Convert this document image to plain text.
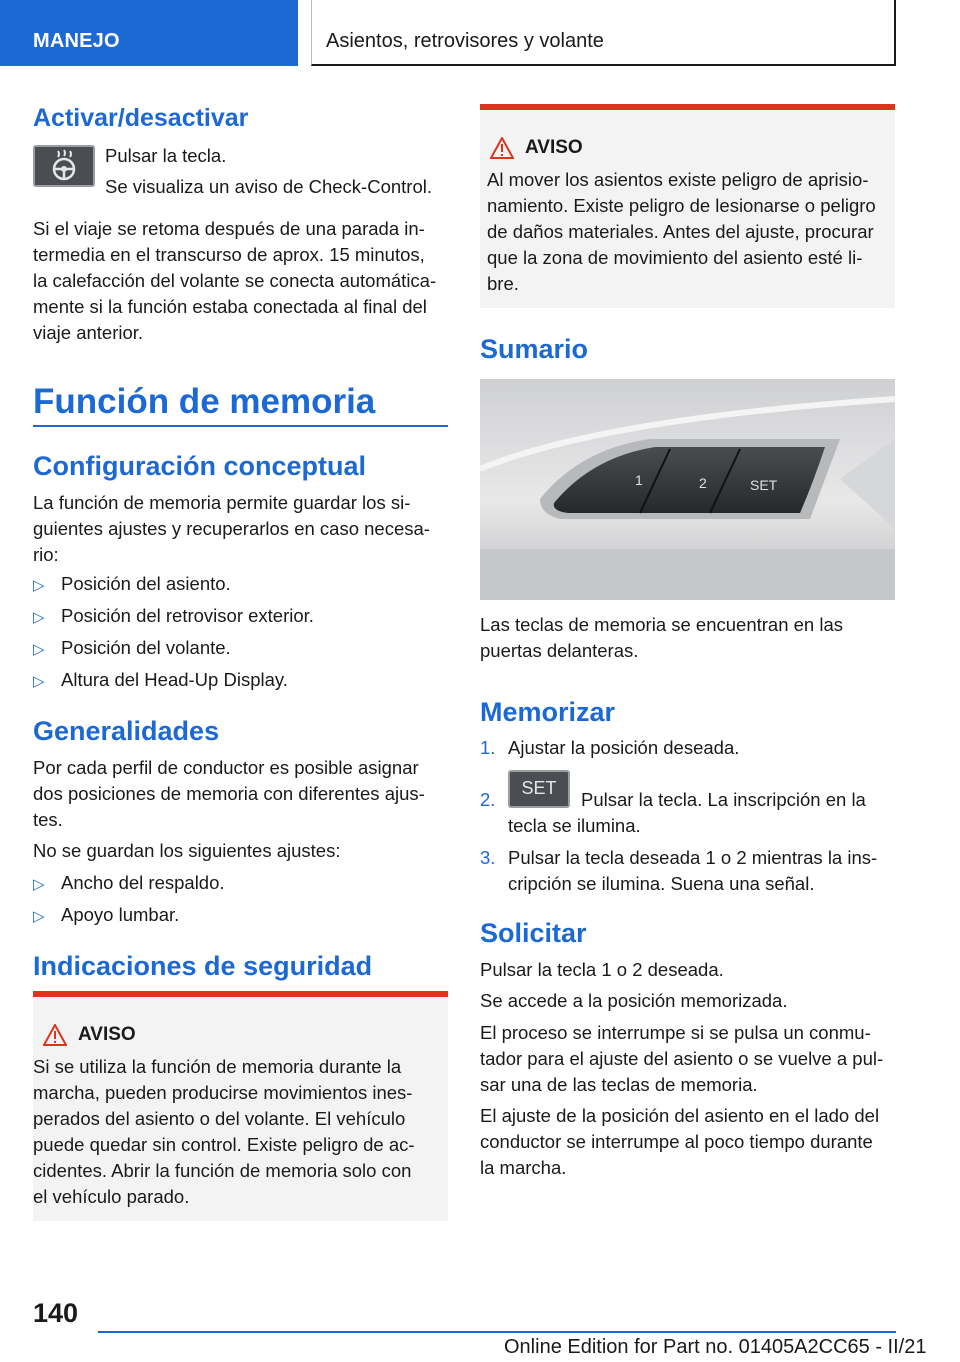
MANEJO	Asientos, retrovisores y volante
Activar/desactivar

Pulsar la tecla.

Se visualiza un aviso de Check-Control.

Si el viaje se retoma después de una parada in-

termedia en el transcurso de aprox. 15 minutos,

la calefacción del volante se conecta automática-

mente si la función estaba conectada al final del

viaje anterior.

Función de memoria
Configuración conceptual

La función de memoria permite guardar los si-

guientes ajustes y recuperarlos en caso necesa-

rio:

▷ Posición del asiento.
▷ Posición del retrovisor exterior.
▷ Posición del volante.
▷ Altura del Head-Up Display.
Generalidades

Por cada perfil de conductor es posible asignar

dos posiciones de memoria con diferentes ajus-

tes.

No se guardan los siguientes ajustes:

▷ Ancho del respaldo.
▷ Apoyo lumbar.
Indicaciones de seguridad
AVISO

Si se utiliza la función de memoria durante la

marcha, pueden producirse movimientos ines-

perados del asiento o del volante. El vehículo

puede quedar sin control. Existe peligro de ac-

cidentes. Abrir la función de memoria solo con

el vehículo parado.

AVISO

Al mover los asientos existe peligro de aprisio-

namiento. Existe peligro de lesionarse o peligro

de daños materiales. Antes del ajuste, procurar

que la zona de movimiento del asiento esté li-

bre.

Sumario
1	2	SET

Las teclas de memoria se encuentran en las

puertas delanteras.

Memorizar

1. Ajustar la posición deseada.

2.

SET

Pulsar la tecla. La inscripción en la

tecla se ilumina.

3. Pulsar la tecla deseada 1 o 2 mientras la ins-

cripción se ilumina. Suena una señal.

Solicitar

Pulsar la tecla 1 o 2 deseada.

Se accede a la posición memorizada.

El proceso se interrumpe si se pulsa un conmu-

tador para el ajuste del asiento o se vuelve a pul-

sar una de las teclas de memoria.

El ajuste de la posición del asiento en el lado del

conductor se interrumpe al poco tiempo durante

la marcha.

140
Online Edition for Part no. 01405A2CC65 - II/21
